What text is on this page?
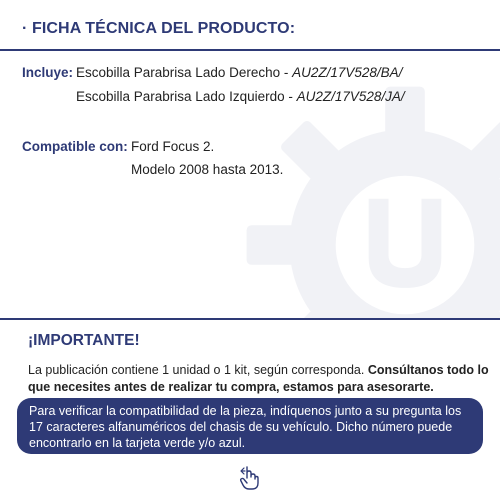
· FICHA TÉCNICA DEL PRODUCTO:
Incluye: Escobilla Parabrisa Lado Derecho - AU2Z/17V528/BA/
Escobilla Parabrisa Lado Izquierdo - AU2Z/17V528/JA/
Compatible con: Ford Focus 2.
Modelo 2008 hasta 2013.
¡IMPORTANTE!
La publicación contiene 1 unidad o 1 kit, según corresponda. Consúltanos todo lo que necesites antes de realizar tu compra, estamos para asesorarte.
Para verificar la compatibilidad de la pieza, indíquenos junto a su pregunta los 17 caracteres alfanuméricos del chasis de su vehículo. Dicho número puede encontrarlo en la tarjeta verde y/o azul.
